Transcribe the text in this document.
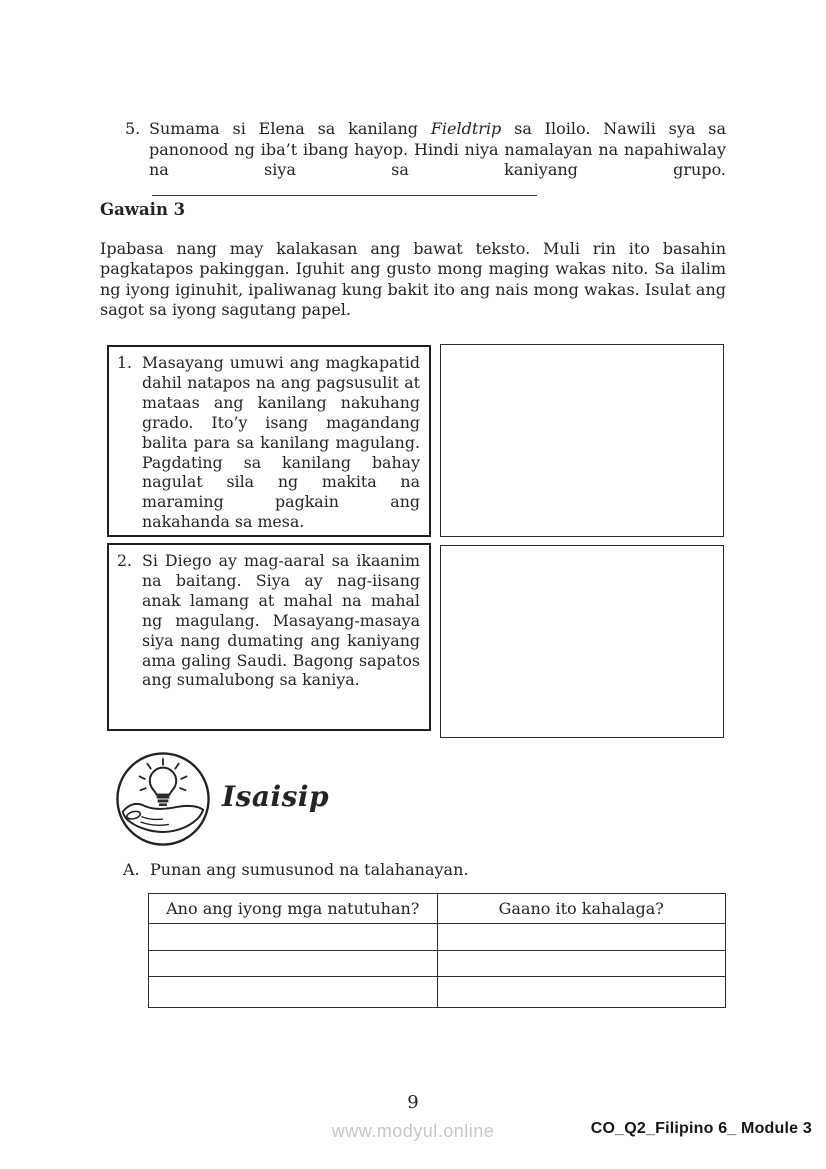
5. Sumama si Elena sa kanilang Fieldtrip sa Iloilo. Nawili sya sa panonood ng iba’t ibang hayop. Hindi niya namalayan na napahiwalay na siya sa kaniyang grupo.
Gawain 3
Ipabasa nang may kalakasan ang bawat teksto. Muli rin ito basahin pagkatapos pakinggan. Iguhit ang gusto mong maging wakas nito. Sa ilalim ng iyong iginuhit, ipaliwanag kung bakit ito ang nais mong wakas. Isulat ang sagot sa iyong sagutang papel.
1. Masayang umuwi ang magkapatid dahil natapos na ang pagsusulit at mataas ang kanilang nakuhang grado. Ito’y isang magandang balita para sa kanilang magulang. Pagdating sa kanilang bahay nagulat sila ng makita na maraming pagkain ang nakahanda sa mesa.
2. Si Diego ay mag-aaral sa ikaanim na baitang. Siya ay nag-iisang anak lamang at mahal na mahal ng magulang. Masayang-masaya siya nang dumating ang kaniyang ama galing Saudi. Bagong sapatos ang sumalubong sa kaniya.
Isaisip
A. Punan ang sumusunod na talahanayan.
Ano ang iyong mga natutuhan?	Gaano ito kahalaga?

9
www.modyul.online	CO_Q2_Filipino 6_ Module 3
